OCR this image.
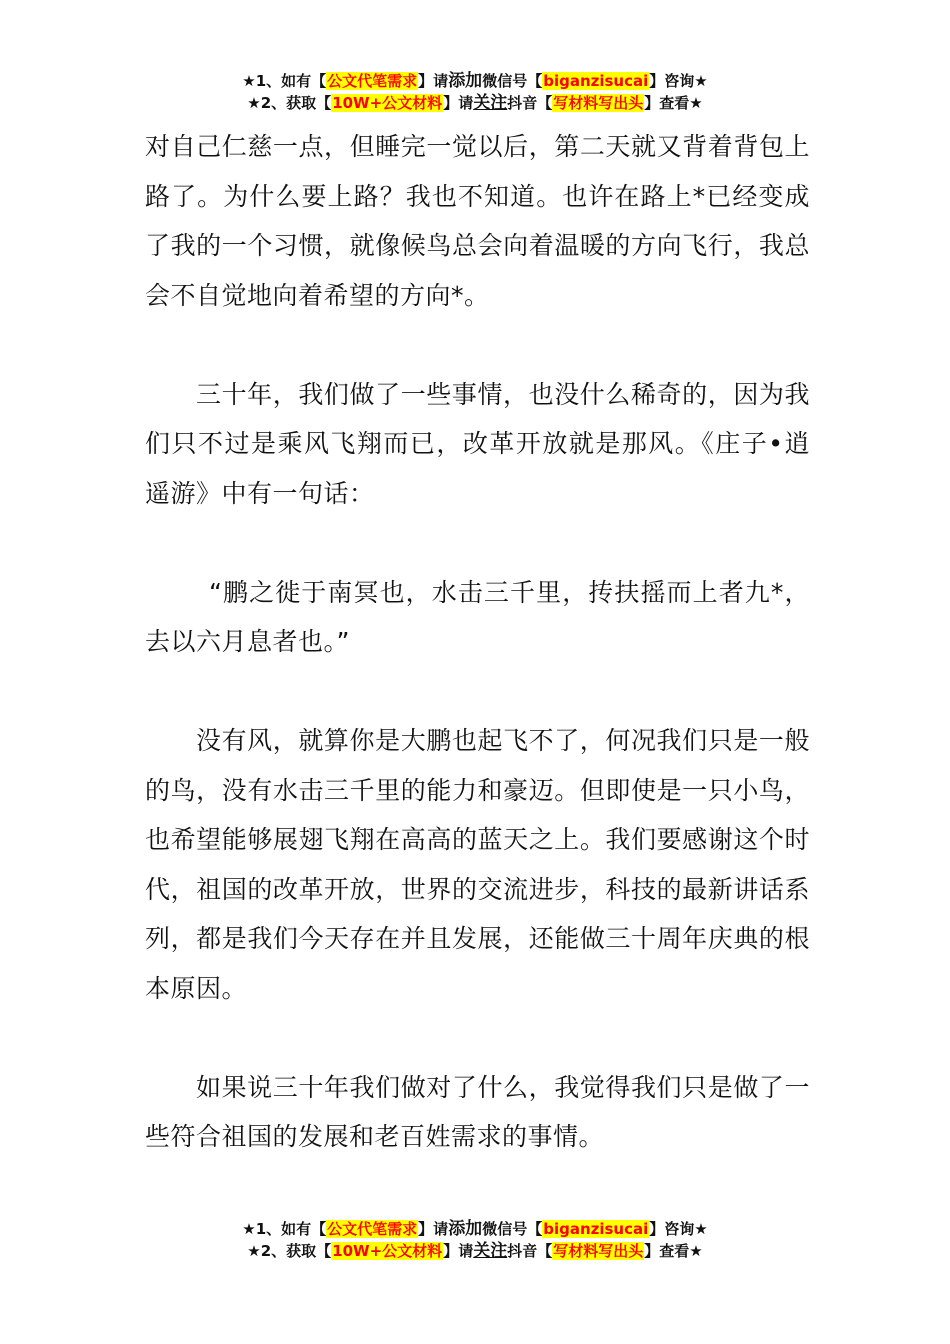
★1、如有【公文代笔需求】请添加微信号【biganzisucai】咨询★
★2、获取【10W+公文材料】请关注抖音【写材料写出头】查看★

对自己仁慈一点，但睡完一觉以后，第二天就又背着背包上路了。为什么要上路？我也不知道。也许在路上*已经变成了我的一个习惯，就像候鸟总会向着温暖的方向飞行，我总会不自觉地向着希望的方向*。

三十年，我们做了一些事情，也没什么稀奇的，因为我们只不过是乘风飞翔而已，改革开放就是那风。《庄子•逍遥游》中有一句话：

“鹏之徙于南冥也，水击三千里，抟扶摇而上者九*，去以六月息者也。”

没有风，就算你是大鹏也起飞不了，何况我们只是一般的鸟，没有水击三千里的能力和豪迈。但即使是一只小鸟，也希望能够展翅飞翔在高高的蓝天之上。我们要感谢这个时代，祖国的改革开放，世界的交流进步，科技的最新讲话系列，都是我们今天存在并且发展，还能做三十周年庆典的根本原因。

如果说三十年我们做对了什么，我觉得我们只是做了一些符合祖国的发展和老百姓需求的事情。

★1、如有【公文代笔需求】请添加微信号【biganzisucai】咨询★
★2、获取【10W+公文材料】请关注抖音【写材料写出头】查看★
